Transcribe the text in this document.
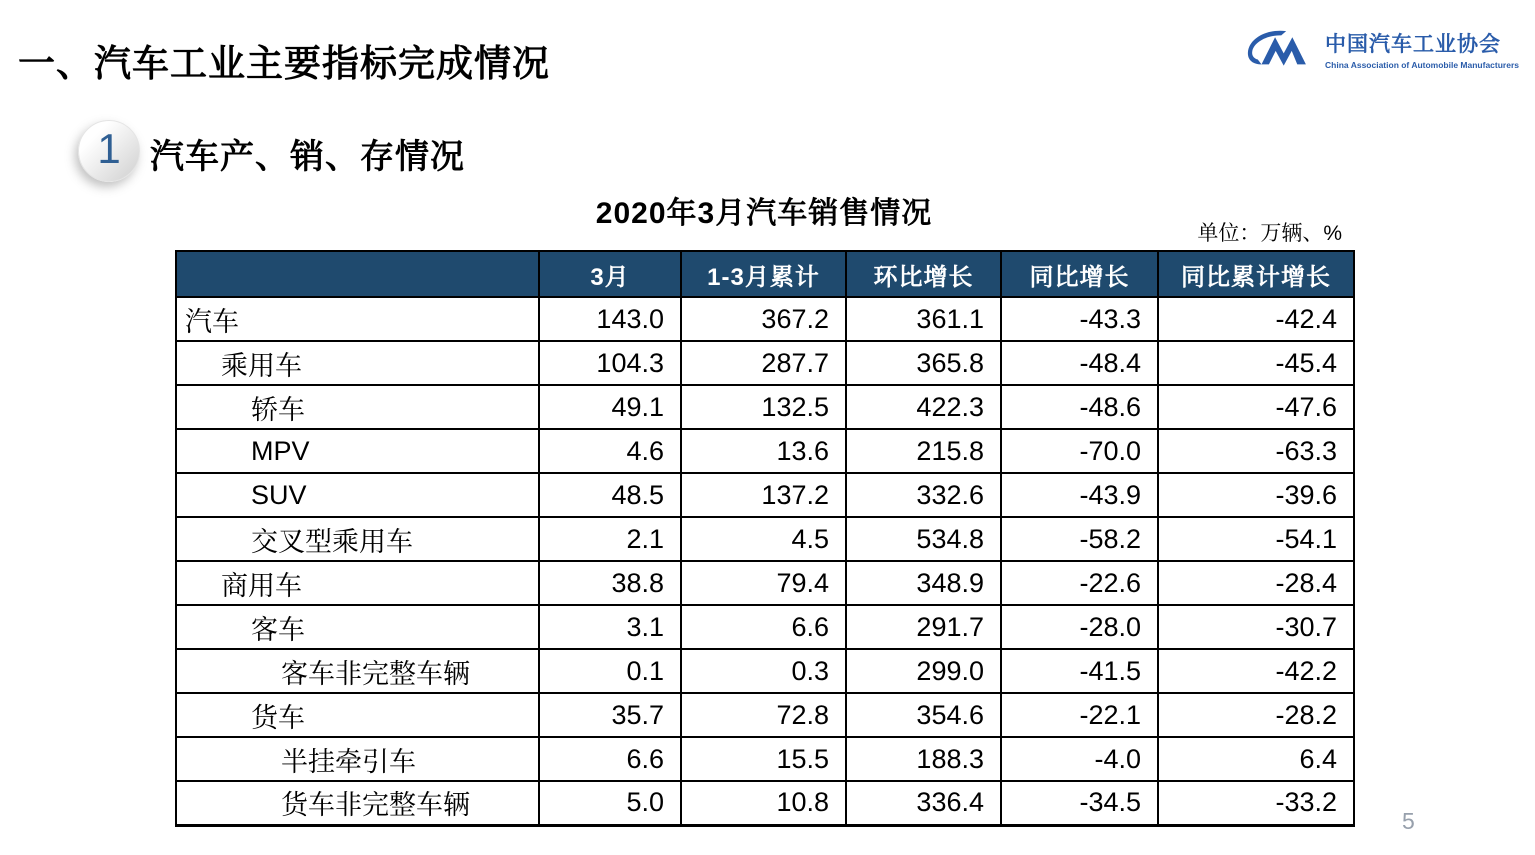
一、汽车工业主要指标完成情况	中国汽车工业协会
China Association of Automobile Manufacturers
1 汽车产、销、存情况
2020年3月汽车销售情况
单位：万辆、%
	3月	1-3月累计	环比增长	同比增长	同比累计增长
汽车	143.0	367.2	361.1	-43.3	-42.4
乘用车	104.3	287.7	365.8	-48.4	-45.4
轿车	49.1	132.5	422.3	-48.6	-47.6
MPV	4.6	13.6	215.8	-70.0	-63.3
SUV	48.5	137.2	332.6	-43.9	-39.6
交叉型乘用车	2.1	4.5	534.8	-58.2	-54.1
商用车	38.8	79.4	348.9	-22.6	-28.4
客车	3.1	6.6	291.7	-28.0	-30.7
客车非完整车辆	0.1	0.3	299.0	-41.5	-42.2
货车	35.7	72.8	354.6	-22.1	-28.2
半挂牵引车	6.6	15.5	188.3	-4.0	6.4
货车非完整车辆	5.0	10.8	336.4	-34.5	-33.2
5
